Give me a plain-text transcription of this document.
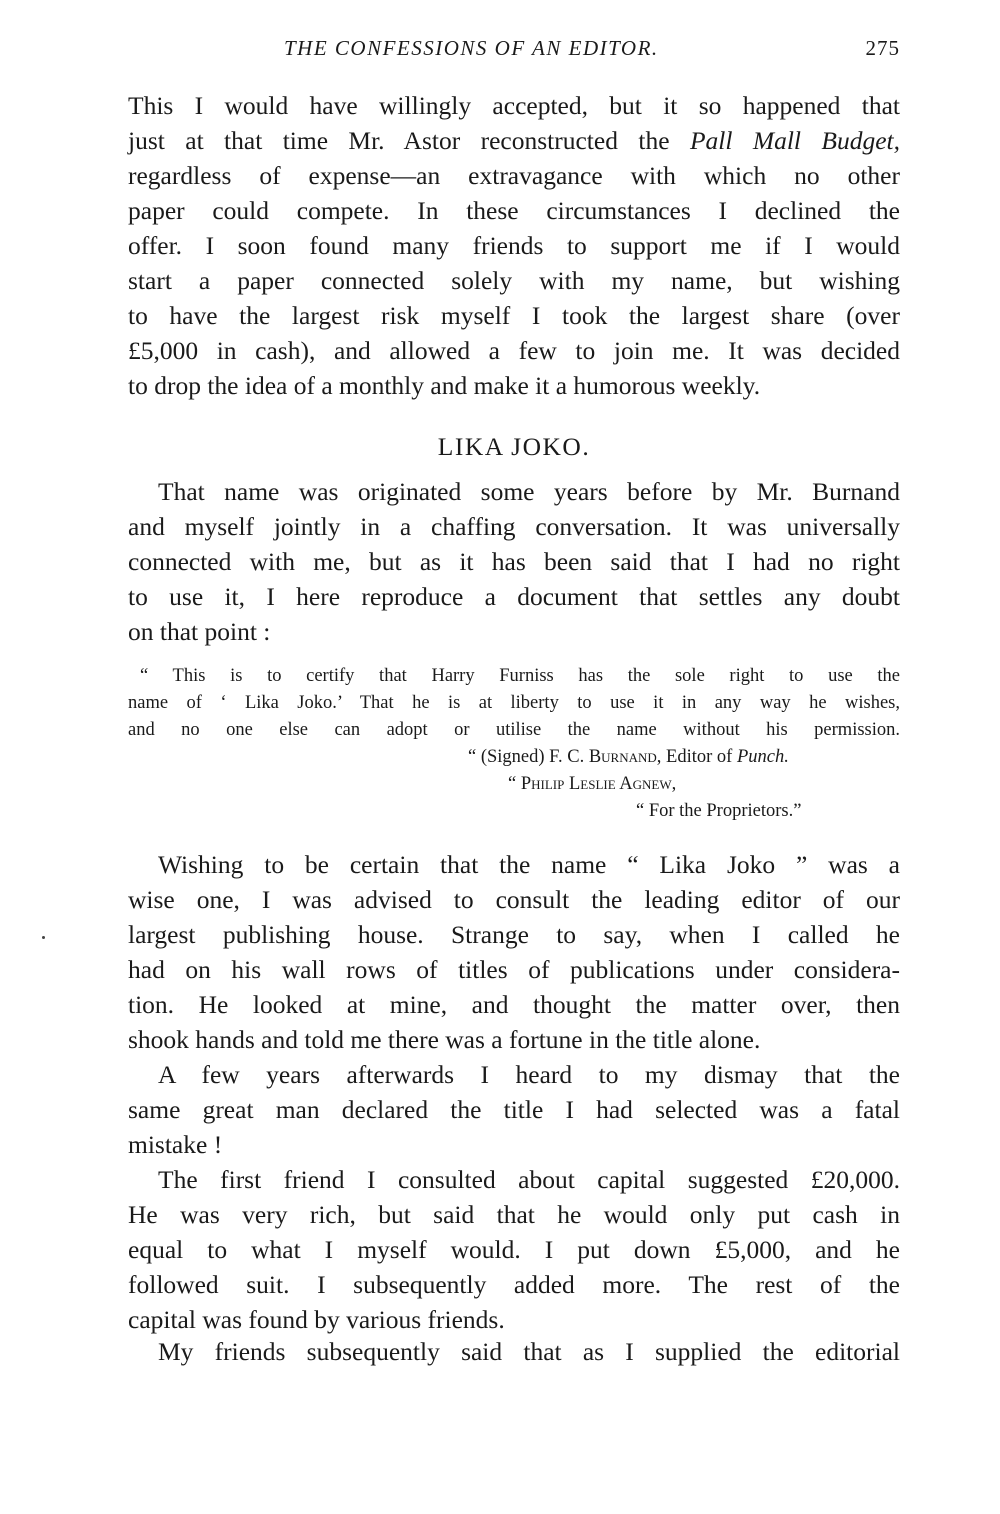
THE CONFESSIONS OF AN EDITOR.	275
This I would have willingly accepted, but it so happened that
just at that time Mr. Astor reconstructed the Pall Mall Budget,
regardless of expense—an extravagance with which no other
paper could compete. In these circumstances I declined the
offer. I soon found many friends to support me if I would
start a paper connected solely with my name, but wishing
to have the largest risk myself I took the largest share (over
£5,000 in cash), and allowed a few to join me. It was decided
to drop the idea of a monthly and make it a humorous weekly.
LIKA JOKO.
That name was originated some years before by Mr. Burnand
and myself jointly in a chaffing conversation. It was universally
connected with me, but as it has been said that I had no right
to use it, I here reproduce a document that settles any doubt
on that point :
“ This is to certify that Harry Furniss has the sole right to use the
name of ‘ Lika Joko.’ That he is at liberty to use it in any way he wishes,
and no one else can adopt or utilise the name without his permission.
“ (Signed) F. C. Burnand, Editor of Punch.
“ Philip Leslie Agnew,
“ For the Proprietors.”
Wishing to be certain that the name “ Lika Joko ” was a
wise one, I was advised to consult the leading editor of our
largest publishing house. Strange to say, when I called he
had on his wall rows of titles of publications under considera-
tion. He looked at mine, and thought the matter over, then
shook hands and told me there was a fortune in the title alone.
A few years afterwards I heard to my dismay that the
same great man declared the title I had selected was a fatal
mistake !
The first friend I consulted about capital suggested £20,000.
He was very rich, but said that he would only put cash in
equal to what I myself would. I put down £5,000, and he
followed suit. I subsequently added more. The rest of the
capital was found by various friends.
My friends subsequently said that as I supplied the editorial
